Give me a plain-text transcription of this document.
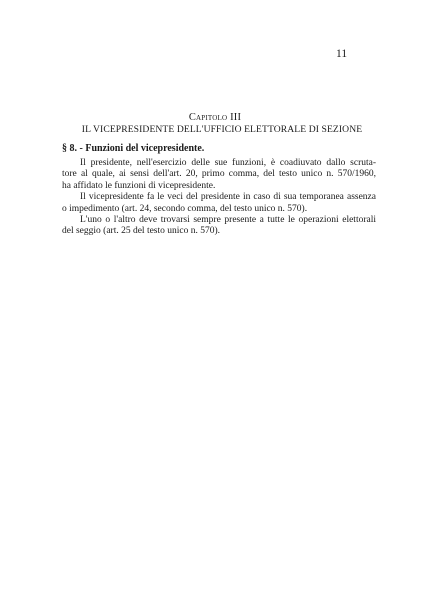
11
Capitolo III
IL VICEPRESIDENTE DELL'UFFICIO ELETTORALE DI SEZIONE
§ 8. - Funzioni del vicepresidente.
Il presidente, nell'esercizio delle sue funzioni, è coadiuvato dallo scruta-
tore al quale, ai sensi dell'art. 20, primo comma, del testo unico n. 570/1960,
ha affidato le funzioni di vicepresidente.
Il vicepresidente fa le veci del presidente in caso di sua temporanea assenza
o impedimento (art. 24, secondo comma, del testo unico n. 570).
L'uno o l'altro deve trovarsi sempre presente a tutte le operazioni elettorali
del seggio (art. 25 del testo unico n. 570).
